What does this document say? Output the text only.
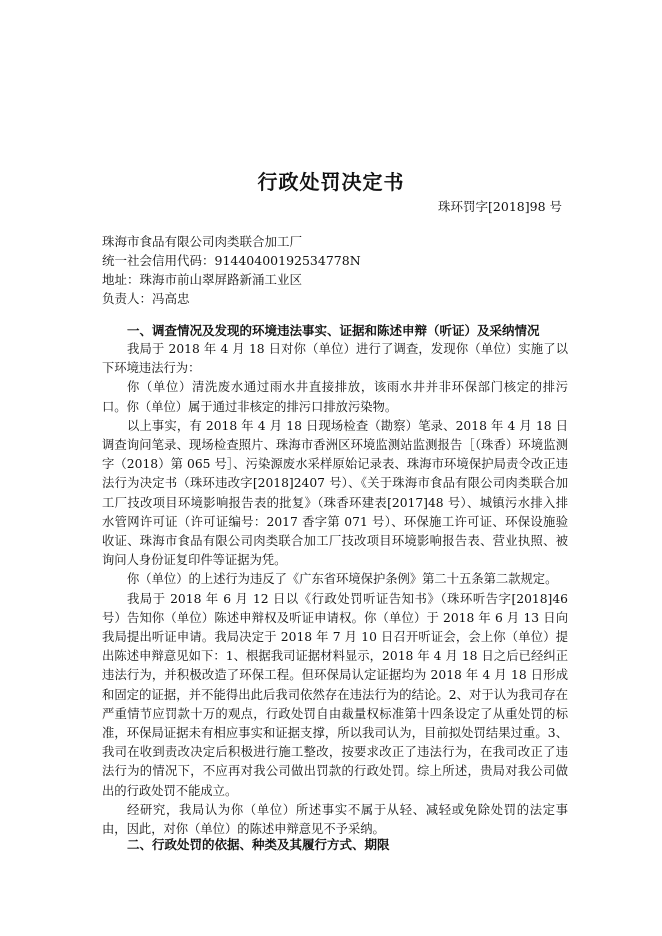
行政处罚决定书
珠环罚字[2018]98 号
珠海市食品有限公司肉类联合加工厂
统一社会信用代码：91440400192534778N
地址：珠海市前山翠屏路新涌工业区
负责人：冯高忠
一、调查情况及发现的环境违法事实、证据和陈述申辩（听证）及采纳情况

我局于 2018 年 4 月 18 日对你（单位）进行了调查，发现你（单位）实施了以下环境违法行为：

你（单位）清洗废水通过雨水井直接排放，该雨水井并非环保部门核定的排污口。你（单位）属于通过非核定的排污口排放污染物。

以上事实，有 2018 年 4 月 18 日现场检查（勘察）笔录、2018 年 4 月 18 日调查询问笔录、现场检查照片、珠海市香洲区环境监测站监测报告［（珠香）环境监测字（2018）第 065 号］、污染源废水采样原始记录表、珠海市环境保护局责令改正违法行为决定书（珠环违改字[2018]2407 号）、《关于珠海市食品有限公司肉类联合加工厂技改项目环境影响报告表的批复》（珠香环建表[2017]48 号）、城镇污水排入排水管网许可证（许可证编号：2017 香字第 071 号）、环保施工许可证、环保设施验收证、珠海市食品有限公司肉类联合加工厂技改项目环境影响报告表、营业执照、被询问人身份证复印件等证据为凭。

你（单位）的上述行为违反了《广东省环境保护条例》第二十五条第二款规定。

我局于 2018 年 6 月 12 日以《行政处罚听证告知书》（珠环听告字[2018]46 号）告知你（单位）陈述申辩权及听证申请权。你（单位）于 2018 年 6 月 13 日向我局提出听证申请。我局决定于 2018 年 7 月 10 日召开听证会，会上你（单位）提出陈述申辩意见如下：1、根据我司证据材料显示，2018 年 4 月 18 日之后已经纠正违法行为，并积极改造了环保工程。但环保局认定证据均为 2018 年 4 月 18 日形成和固定的证据，并不能得出此后我司依然存在违法行为的结论。2、对于认为我司存在严重情节应罚款十万的观点，行政处罚自由裁量权标准第十四条设定了从重处罚的标准，环保局证据未有相应事实和证据支撑，所以我司认为，目前拟处罚结果过重。3、我司在收到责改决定后积极进行施工整改，按要求改正了违法行为，在我司改正了违法行为的情况下，不应再对我公司做出罚款的行政处罚。综上所述，贵局对我公司做出的行政处罚不能成立。

经研究，我局认为你（单位）所述事实不属于从轻、减轻或免除处罚的法定事由，因此，对你（单位）的陈述申辩意见不予采纳。

二、行政处罚的依据、种类及其履行方式、期限
